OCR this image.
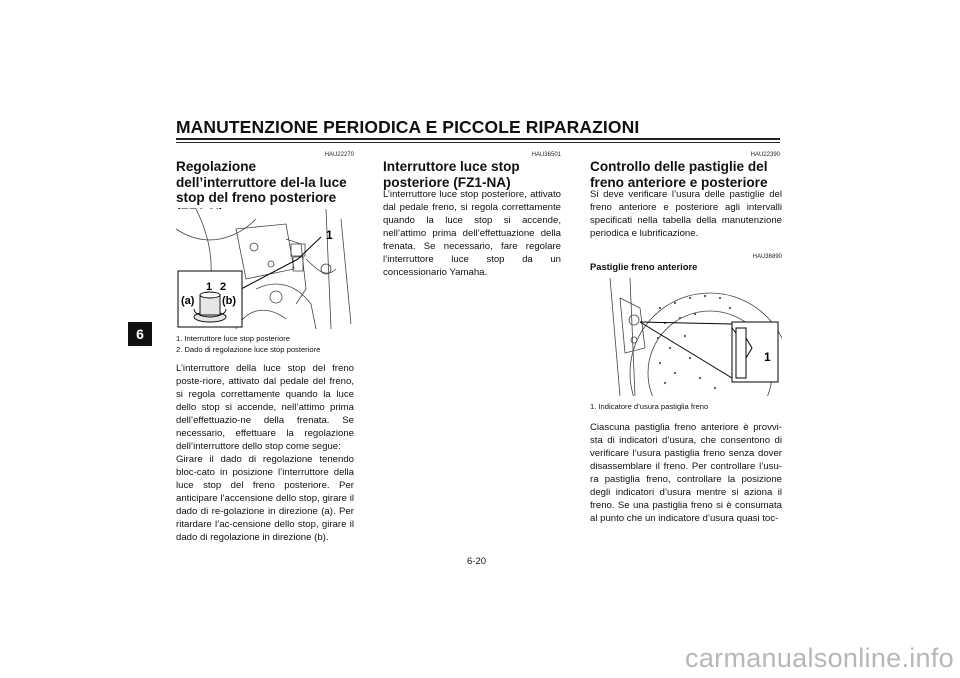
MANUTENZIONE PERIODICA E PICCOLE RIPARAZIONI
6
HAU22270
Regolazione dell’interruttore del-la luce stop del freno posteriore
1 2
(a)	(b)
1
1. Interruttore luce stop posteriore
2. Dado di regolazione luce stop posteriore

L’interruttore della luce stop del freno poste-riore, attivato dal pedale del freno, si regola correttamente quando la luce dello stop si accende, nell’attimo prima dell’effettuazio-ne della frenata. Se necessario, effettuare la regolazione dell’interruttore dello stop come segue:

Girare il dado di regolazione tenendo bloc-cato in posizione l’interruttore della luce stop del freno posteriore. Per anticipare l’accensione dello stop, girare il dado di re-golazione in direzione (a). Per ritardare l’ac-censione dello stop, girare il dado di regolazione in direzione (b).

HAU36501
Interruttore luce stop posteriore (FZ1-NA)

L’interruttore luce stop posteriore, attivato dal pedale freno, si regola correttamente quando la luce stop si accende, nell’attimo prima dell’effettuazione della frenata. Se necessario, fare regolare l’interruttore luce stop da un concessionario Yamaha.

HAU22390
Controllo delle pastiglie del freno anteriore e posteriore

Si deve verificare l’usura delle pastiglie del freno anteriore e posteriore agli intervalli specificati nella tabella della manutenzione periodica e lubrificazione.

HAU36890
Pastiglie freno anteriore
1
1. Indicatore d’usura pastiglia freno

Ciascuna pastiglia freno anteriore è provvi-sta di indicatori d’usura, che consentono di verificare l’usura pastiglia freno senza dover disassemblare il freno. Per controllare l’usu-ra pastiglia freno, controllare la posizione degli indicatori d’usura mentre si aziona il freno. Se una pastiglia freno si è consumata al punto che un indicatore d’usura quasi toc-

6-20
carmanualsonline.info
